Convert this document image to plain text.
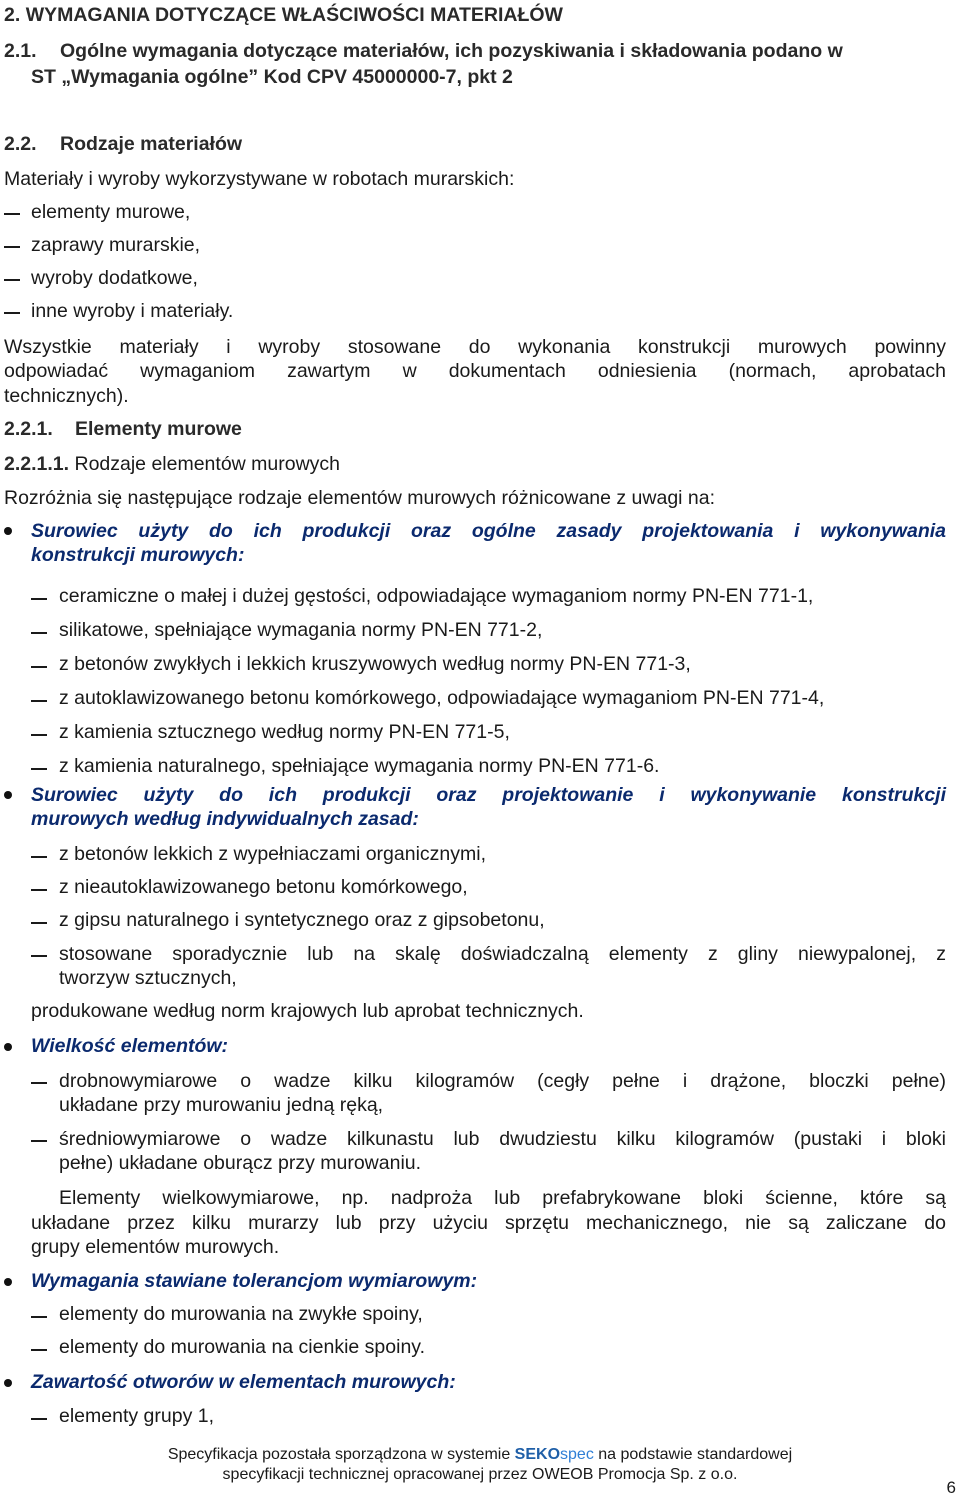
2. WYMAGANIA DOTYCZĄCE WŁAŚCIWOŚCI MATERIAŁÓW
2.1. Ogólne wymagania dotyczące materiałów, ich pozyskiwania i składowania podano w
ST „Wymagania ogólne” Kod CPV 45000000-7, pkt 2
2.2. Rodzaje materiałów
Materiały i wyroby wykorzystywane w robotach murarskich:
elementy murowe,
zaprawy murarskie,
wyroby dodatkowe,
inne wyroby i materiały.
Wszystkie materiały i wyroby stosowane do wykonania konstrukcji murowych powinny
odpowiadać wymaganiom zawartym w dokumentach odniesienia (normach, aprobatach
technicznych).
2.2.1. Elementy murowe
2.2.1.1. Rodzaje elementów murowych
Rozróżnia się następujące rodzaje elementów murowych różnicowane z uwagi na:
Surowiec użyty do ich produkcji oraz ogólne zasady projektowania i wykonywania
konstrukcji murowych:
ceramiczne o małej i dużej gęstości, odpowiadające wymaganiom normy PN-EN 771-1,
silikatowe, spełniające wymagania normy PN-EN 771-2,
z betonów zwykłych i lekkich kruszywowych według normy PN-EN 771-3,
z autoklawizowanego betonu komórkowego, odpowiadające wymaganiom PN-EN 771-4,
z kamienia sztucznego według normy PN-EN 771-5,
z kamienia naturalnego, spełniające wymagania normy PN-EN 771-6.
Surowiec użyty do ich produkcji oraz projektowanie i wykonywanie konstrukcji
murowych według indywidualnych zasad:
z betonów lekkich z wypełniaczami organicznymi,
z nieautoklawizowanego betonu komórkowego,
z gipsu naturalnego i syntetycznego oraz z gipsobetonu,
stosowane sporadycznie lub na skalę doświadczalną elementy z gliny niewypalonej, z
tworzyw sztucznych,
produkowane według norm krajowych lub aprobat technicznych.
Wielkość elementów:
drobnowymiarowe o wadze kilku kilogramów (cegły pełne i drążone, bloczki pełne)
układane przy murowaniu jedną ręką,
średniowymiarowe o wadze kilkunastu lub dwudziestu kilku kilogramów (pustaki i bloki
pełne) układane oburącz przy murowaniu.
Elementy wielkowymiarowe, np. nadproża lub prefabrykowane bloki ścienne, które są
układane przez kilku murarzy lub przy użyciu sprzętu mechanicznego, nie są zaliczane do
grupy elementów murowych.
Wymagania stawiane tolerancjom wymiarowym:
elementy do murowania na zwykłe spoiny,
elementy do murowania na cienkie spoiny.
Zawartość otworów w elementach murowych:
elementy grupy 1,
Specyfikacja pozostała sporządzona w systemie SEKOspec na podstawie standardowej
specyfikacji technicznej opracowanej przez OWEOB Promocja Sp. z o.o.
6
